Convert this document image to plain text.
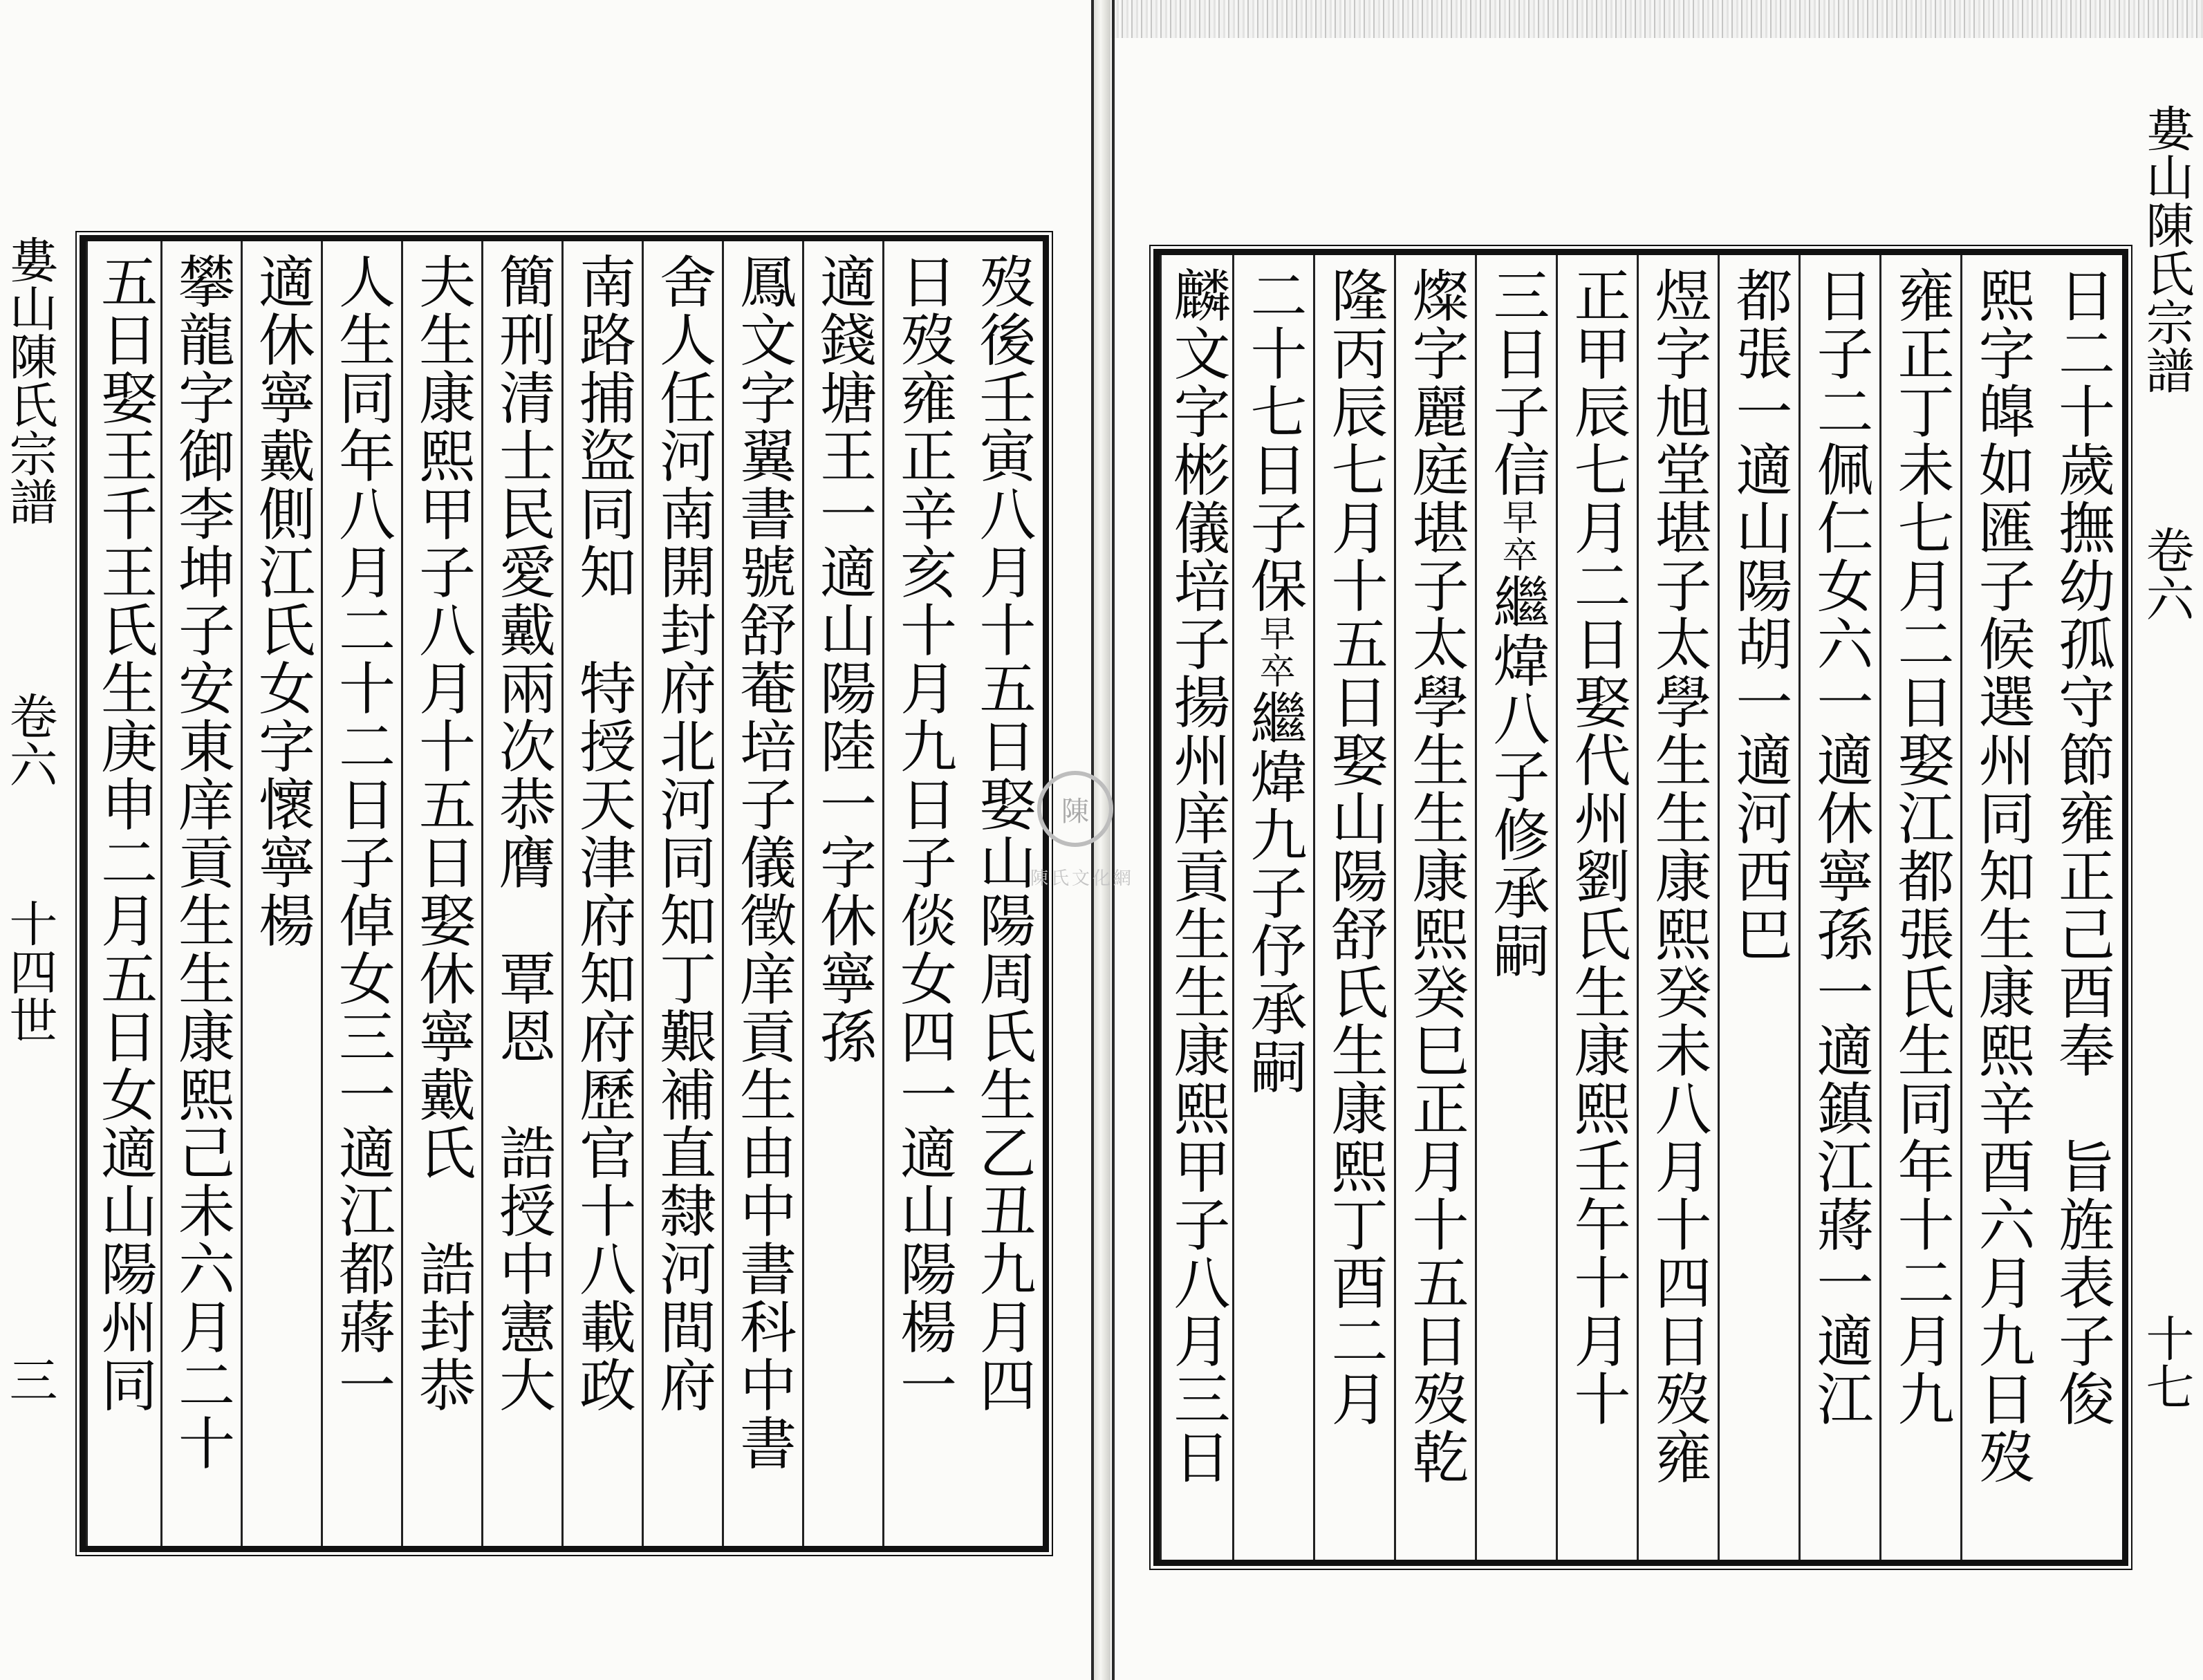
婁山陳氏宗譜
卷六
十四世
三	歿後壬寅八月十五日娶山陽周氏生乙丑九月四
日歿雍正辛亥十月九日子倓女四一適山陽楊一
適錢塘王一適山陽陸一字休寧孫
鳳文字翼書號舒菴培子儀徵庠貢生由中書科中書
舍人任河南開封府北河同知丁艱補直隸河間府
南路捕盜同知　特授天津府知府歷官十八載政
簡刑清士民愛戴兩次恭膺　覃恩　誥授中憲大
夫生康熙甲子八月十五日娶休寧戴氏　誥封恭
人生同年八月二十二日子倬女三一適江都蔣一
適休寧戴側江氏女字懷寧楊
攀龍字御李坤子安東庠貢生生康熙己未六月二十
五日娶王千王氏生庚申二月五日女適山陽州同	日二十歲撫幼孤守節雍正己酉奉　旨旌表子俊
熙字皥如匯子候選州同知生康熙辛酉六月九日歿
雍正丁未七月二日娶江都張氏生同年十二月九
日子二佩仁女六一適休寧孫一適鎮江蔣一適江
都張一適山陽胡一適河西巴
煜字旭堂堪子太學生生康熙癸未八月十四日歿雍
正甲辰七月二日娶代州劉氏生康熙壬午十月十
三日子信早卒繼煒八子修承嗣
燦字麗庭堪子太學生生康熙癸巳正月十五日歿乾
隆丙辰七月十五日娶山陽舒氏生康熙丁酉二月
二十七日子保早卒繼煒九子伃承嗣
麟文字彬儀培子揚州庠貢生生康熙甲子八月三日
婁山陳氏宗譜
卷六
十七
陳
陳氏文化網
